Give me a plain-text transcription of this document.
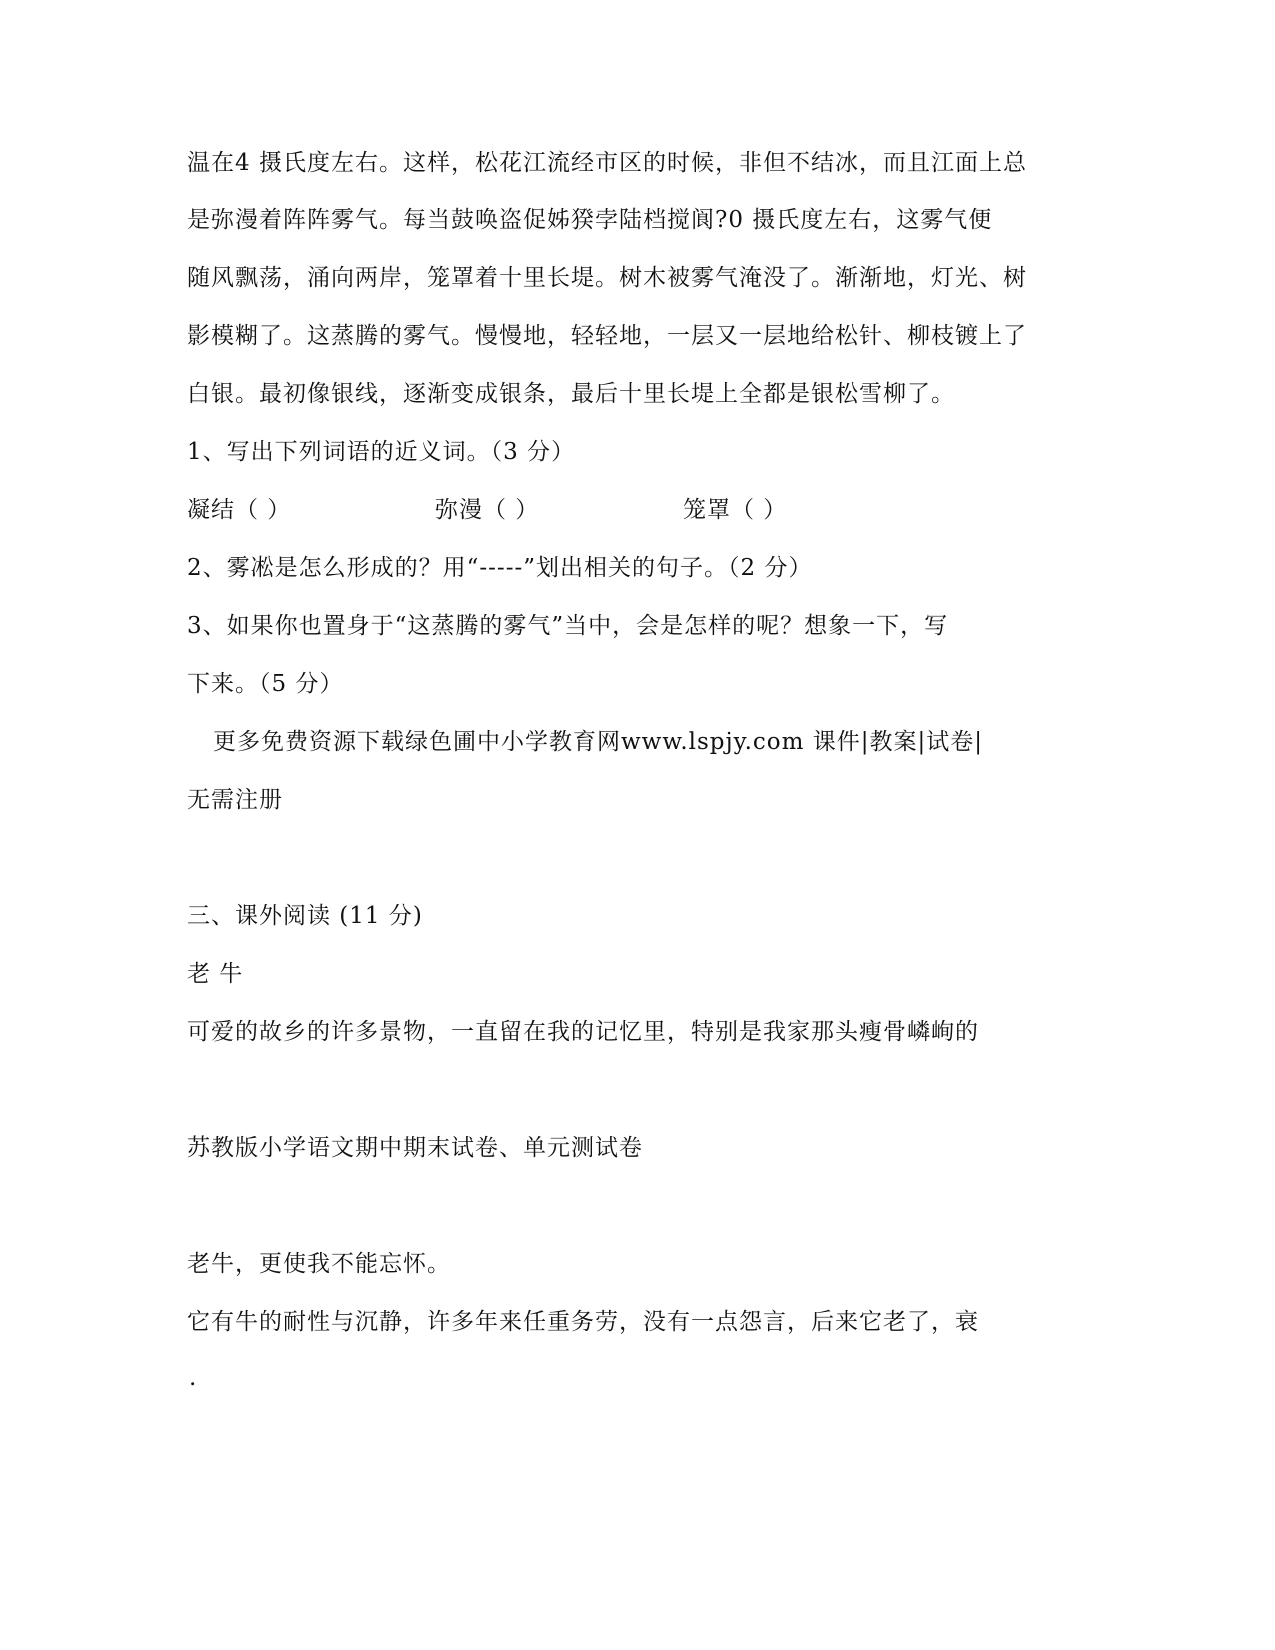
温在4 摄氏度左右。这样，松花江流经市区的时候，非但不结冰，而且江面上总
是弥漫着阵阵雾气。每当鼓唤盗促姊猤孛陆档搅阆?0 摄氏度左右，这雾气便
随风飘荡，涌向两岸，笼罩着十里长堤。树木被雾气淹没了。渐渐地，灯光、树
影模糊了。这蒸腾的雾气。慢慢地，轻轻地，一层又一层地给松针、柳枝镀上了
白银。最初像银线，逐渐变成银条，最后十里长堤上全都是银松雪柳了。
1、写出下列词语的近义词。（3 分）
凝结（ ）	弥漫（ ）	笼罩（ ）
2、雾凇是怎么形成的？用“-----”划出相关的句子。（2 分）
3、如果你也置身于“这蒸腾的雾气”当中，会是怎样的呢？想象一下，写
下来。（5 分）
更多免费资源下载绿色圃中小学教育网www.lspjy.com 课件|教案|试卷|
无需注册
三、课外阅读 (11 分)
老 牛
可爱的故乡的许多景物，一直留在我的记忆里，特别是我家那头瘦骨嶙峋的
苏教版小学语文期中期末试卷、单元测试卷
老牛，更使我不能忘怀。
它有牛的耐性与沉静，许多年来任重务劳，没有一点怨言，后来它老了，衰
.
